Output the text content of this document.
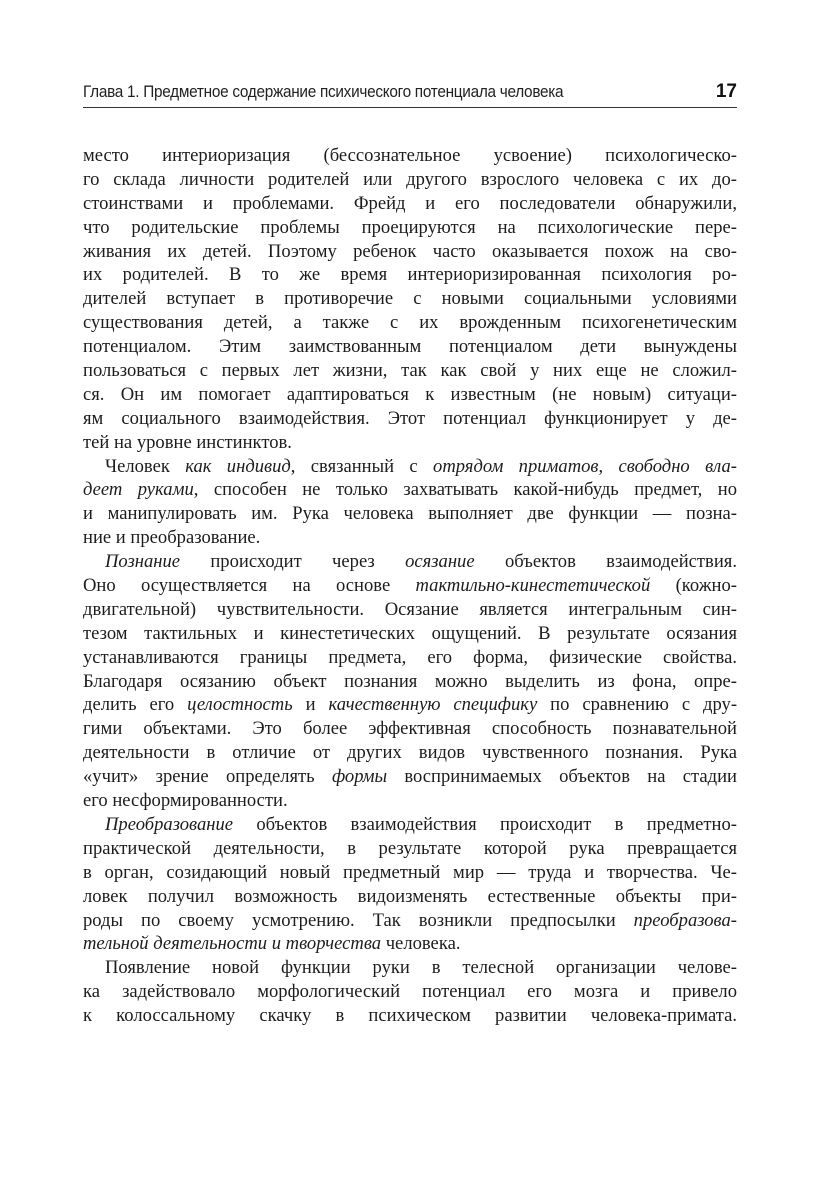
Глава 1. Предметное содержание психического потенциала человека	17
место интериоризация (бессознательное усвоение) психологическо-
го склада личности родителей или другого взрослого человека с их до-
стоинствами и проблемами. Фрейд и его последователи обнаружили,
что родительские проблемы проецируются на психологические пере-
живания их детей. Поэтому ребенок часто оказывается похож на сво-
их родителей. В то же время интериоризированная психология ро-
дителей вступает в противоречие с новыми социальными условиями
существования детей, а также с их врожденным психогенетическим
потенциалом. Этим заимствованным потенциалом дети вынуждены
пользоваться с первых лет жизни, так как свой у них еще не сложил-
ся. Он им помогает адаптироваться к известным (не новым) ситуаци-
ям социального взаимодействия. Этот потенциал функционирует у де-
тей на уровне инстинктов.
Человек как индивид, связанный с отрядом приматов, свободно вла-
деет руками, способен не только захватывать какой-нибудь предмет, но
и манипулировать им. Рука человека выполняет две функции — позна-
ние и преобразование.
Познание происходит через осязание объектов взаимодействия.
Оно осуществляется на основе тактильно-кинестетической (кожно-
двигательной) чувствительности. Осязание является интегральным син-
тезом тактильных и кинестетических ощущений. В результате осязания
устанавливаются границы предмета, его форма, физические свойства.
Благодаря осязанию объект познания можно выделить из фона, опре-
делить его целостность и качественную специфику по сравнению с дру-
гими объектами. Это более эффективная способность познавательной
деятельности в отличие от других видов чувственного познания. Рука
«учит» зрение определять формы воспринимаемых объектов на стадии
его несформированности.
Преобразование объектов взаимодействия происходит в предметно-
практической деятельности, в результате которой рука превращается
в орган, созидающий новый предметный мир — труда и творчества. Че-
ловек получил возможность видоизменять естественные объекты при-
роды по своему усмотрению. Так возникли предпосылки преобразова-
тельной деятельности и творчества человека.
Появление новой функции руки в телесной организации челове-
ка задействовало морфологический потенциал его мозга и привело
к колоссальному скачку в психическом развитии человека-примата.
